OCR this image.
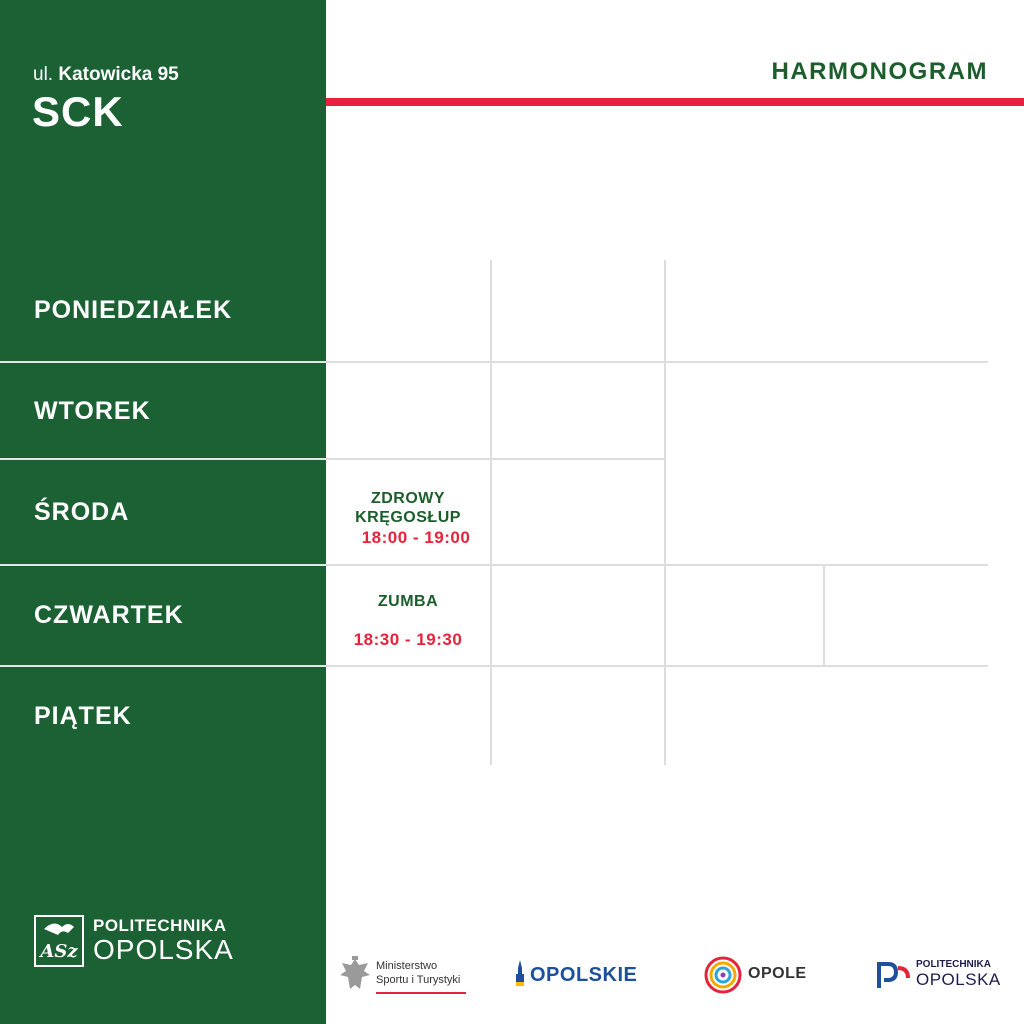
ul. Katowicka 95
SCK
PONIEDZIAŁEK
WTOREK
ŚRODA
CZWARTEK
PIĄTEK
ASz
POLITECHNIKA
OPOLSKA
HARMONOGRAM
ZDROWY
KRĘGOSŁUP
18:00 - 19:00
ZUMBA
18:30 - 19:30
Ministerstwo
Sportu i Turystyki	OPOLSKIE	OPOLE
POLITECHNIKA
OPOLSKA
